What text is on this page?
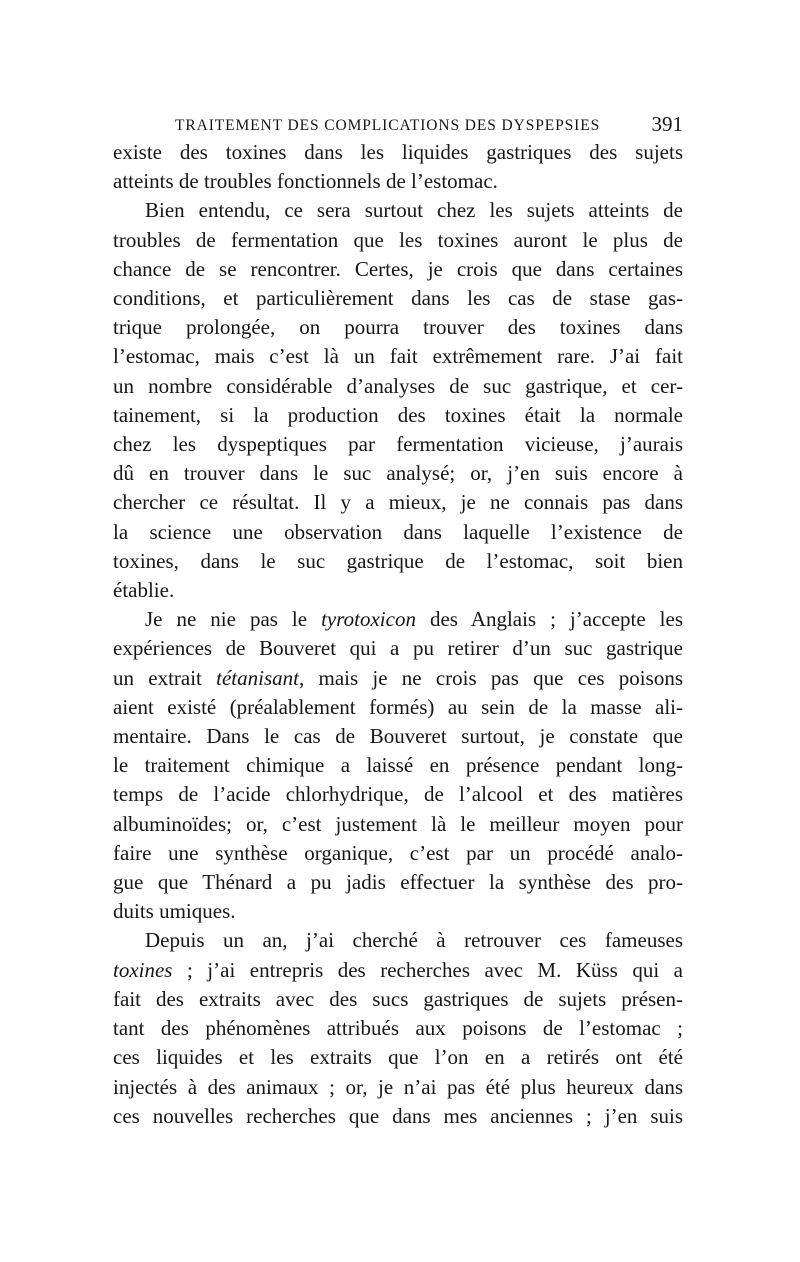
TRAITEMENT DES COMPLICATIONS DES DYSPEPSIES 391

existe des toxines dans les liquides gastriques des sujets
atteints de troubles fonctionnels de l’estomac.

Bien entendu, ce sera surtout chez les sujets atteints de
troubles de fermentation que les toxines auront le plus de
chance de se rencontrer. Certes, je crois que dans certaines
conditions, et particulièrement dans les cas de stase gas-
trique prolongée, on pourra trouver des toxines dans
l’estomac, mais c’est là un fait extrêmement rare. J’ai fait
un nombre considérable d’analyses de suc gastrique, et cer-
tainement, si la production des toxines était la normale
chez les dyspeptiques par fermentation vicieuse, j’aurais
dû en trouver dans le suc analysé; or, j’en suis encore à
chercher ce résultat. Il y a mieux, je ne connais pas dans
la science une observation dans laquelle l’existence de
toxines, dans le suc gastrique de l’estomac, soit bien
établie.

Je ne nie pas le tyrotoxicon des Anglais ; j’accepte les
expériences de Bouveret qui a pu retirer d’un suc gastrique
un extrait tétanisant, mais je ne crois pas que ces poisons
aient existé (préalablement formés) au sein de la masse ali-
mentaire. Dans le cas de Bouveret surtout, je constate que
le traitement chimique a laissé en présence pendant long-
temps de l’acide chlorhydrique, de l’alcool et des matières
albuminoïdes; or, c’est justement là le meilleur moyen pour
faire une synthèse organique, c’est par un procédé analo-
gue que Thénard a pu jadis effectuer la synthèse des pro-
duits umiques.

Depuis un an, j’ai cherché à retrouver ces fameuses
toxines ; j’ai entrepris des recherches avec M. Küss qui a
fait des extraits avec des sucs gastriques de sujets présen-
tant des phénomènes attribués aux poisons de l’estomac ;
ces liquides et les extraits que l’on en a retirés ont été
injectés à des animaux ; or, je n’ai pas été plus heureux dans
ces nouvelles recherches que dans mes anciennes ; j’en suis
